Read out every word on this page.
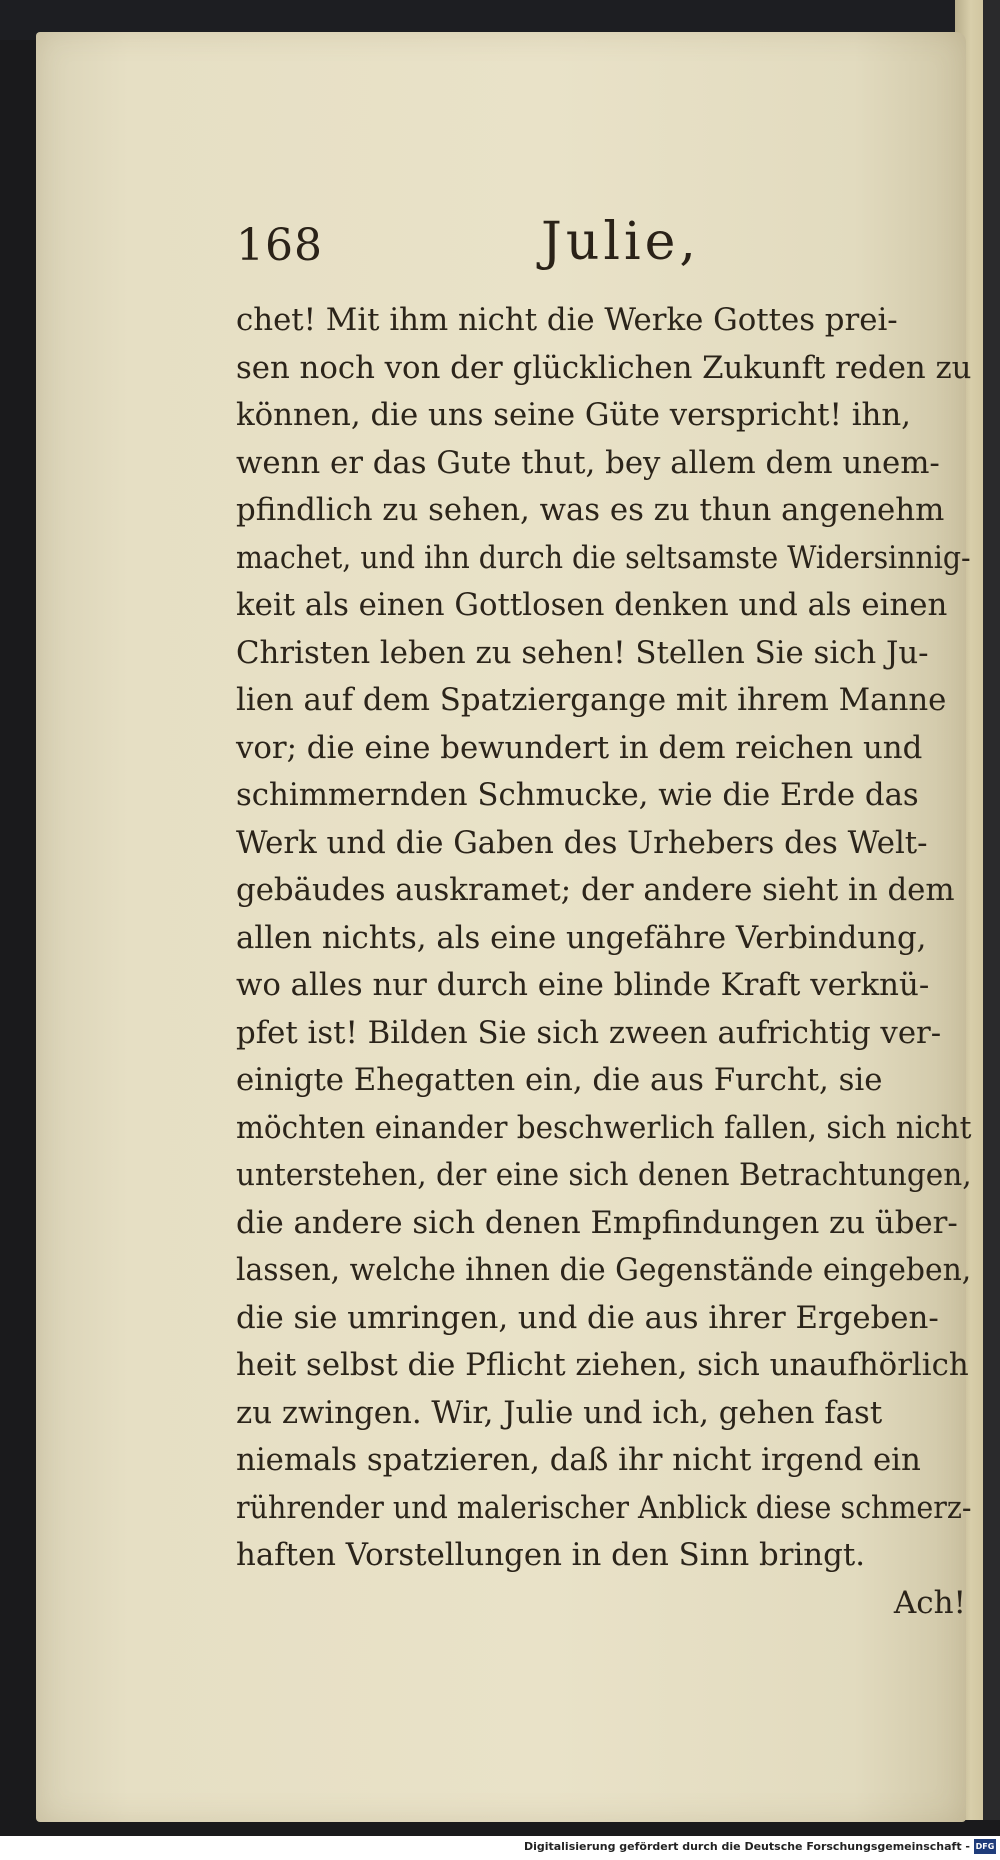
168	Julie,
chet! Mit ihm nicht die Werke Gottes prei-
sen noch von der glücklichen Zukunft reden zu
können, die uns seine Güte verspricht! ihn,
wenn er das Gute thut, bey allem dem unem-
pfindlich zu sehen, was es zu thun angenehm
machet, und ihn durch die seltsamste Widersinnig-
keit als einen Gottlosen denken und als einen
Christen leben zu sehen! Stellen Sie sich Ju-
lien auf dem Spatziergange mit ihrem Manne
vor; die eine bewundert in dem reichen und
schimmernden Schmucke, wie die Erde das
Werk und die Gaben des Urhebers des Welt-
gebäudes auskramet; der andere sieht in dem
allen nichts, als eine ungefähre Verbindung,
wo alles nur durch eine blinde Kraft verknü-
pfet ist! Bilden Sie sich zween aufrichtig ver-
einigte Ehegatten ein, die aus Furcht, sie
möchten einander beschwerlich fallen, sich nicht
unterstehen, der eine sich denen Betrachtungen,
die andere sich denen Empfindungen zu über-
lassen, welche ihnen die Gegenstände eingeben,
die sie umringen, und die aus ihrer Ergeben-
heit selbst die Pflicht ziehen, sich unaufhörlich
zu zwingen. Wir, Julie und ich, gehen fast
niemals spatzieren, daß ihr nicht irgend ein
rührender und malerischer Anblick diese schmerz-
haften Vorstellungen in den Sinn bringt.
Ach!
Digitalisierung gefördert durch die Deutsche Forschungsgemeinschaft - DFG
